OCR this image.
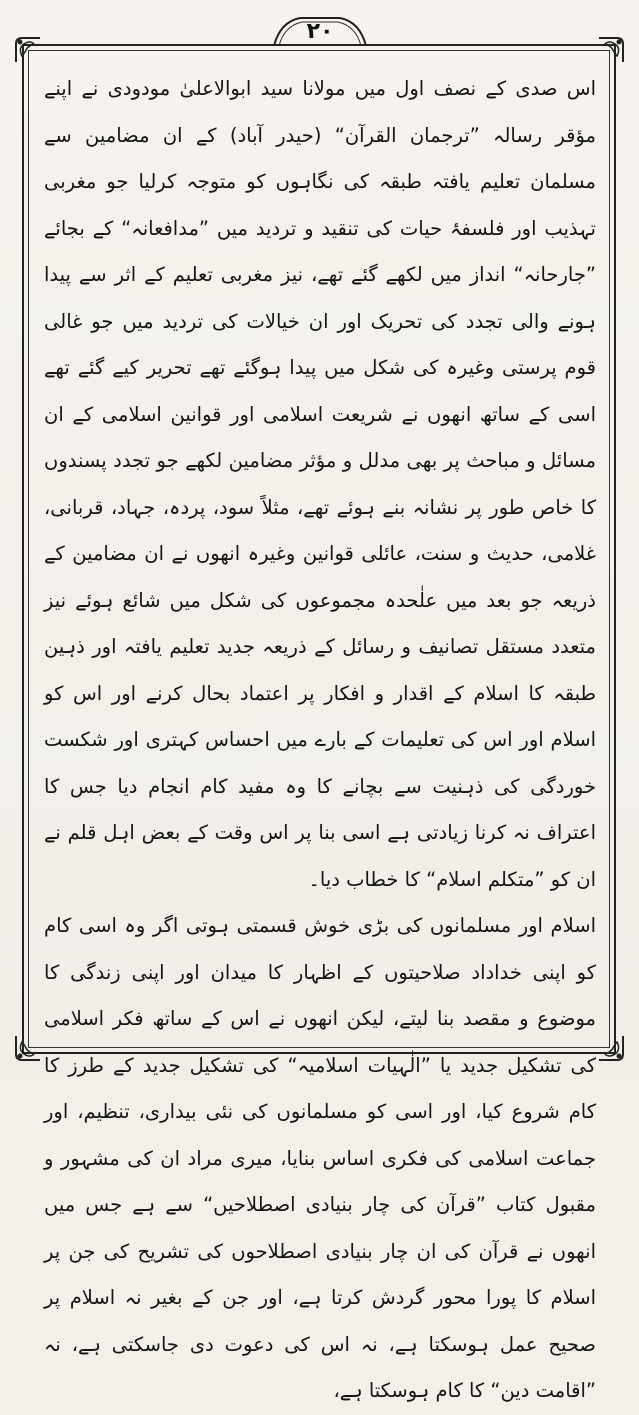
۲۰

اس صدی کے نصف اول میں مولانا سید ابوالاعلیٰ مودودی نے اپنے مؤقر رسالہ ”ترجمان القرآن“ (حیدر آباد) کے ان مضامین سے مسلمان تعلیم یافتہ طبقہ کی نگاہوں کو متوجہ کرلیا جو مغربی تہذیب اور فلسفۂ حیات کی تنقید و تردید میں ”مدافعانہ“ کے بجائے ”جارحانہ“ انداز میں لکھے گئے تھے، نیز مغربی تعلیم کے اثر سے پیدا ہونے والی تجدد کی تحریک اور ان خیالات کی تردید میں جو غالی قوم پرستی وغیرہ کی شکل میں پیدا ہوگئے تھے تحریر کیے گئے تھے اسی کے ساتھ انھوں نے شریعت اسلامی اور قوانین اسلامی کے ان مسائل و مباحث پر بھی مدلل و مؤثر مضامین لکھے جو تجدد پسندوں کا خاص طور پر نشانہ بنے ہوئے تھے، مثلاً سود، پردہ، جہاد، قربانی، غلامی، حدیث و سنت، عائلی قوانین وغیرہ انھوں نے ان مضامین کے ذریعہ جو بعد میں علٰحدہ مجموعوں کی شکل میں شائع ہوئے نیز متعدد مستقل تصانیف و رسائل کے ذریعہ جدید تعلیم یافتہ اور ذہین طبقہ کا اسلام کے اقدار و افکار پر اعتماد بحال کرنے اور اس کو اسلام اور اس کی تعلیمات کے بارے میں احساس کہتری اور شکست خوردگی کی ذہنیت سے بچانے کا وہ مفید کام انجام دیا جس کا اعتراف نہ کرنا زیادتی ہے اسی بنا پر اس وقت کے بعض اہل قلم نے ان کو ”متکلم اسلام“ کا خطاب دیا۔

اسلام اور مسلمانوں کی بڑی خوش قسمتی ہوتی اگر وہ اسی کام کو اپنی خداداد صلاحیتوں کے اظہار کا میدان اور اپنی زندگی کا موضوع و مقصد بنا لیتے، لیکن انھوں نے اس کے ساتھ فکر اسلامی کی تشکیل جدید یا ”الٰہیات اسلامیہ“ کی تشکیل جدید کے طرز کا کام شروع کیا، اور اسی کو مسلمانوں کی نئی بیداری، تنظیم، اور جماعت اسلامی کی فکری اساس بنایا، میری مراد ان کی مشہور و مقبول کتاب ”قرآن کی چار بنیادی اصطلاحیں“ سے ہے جس میں انھوں نے قرآن کی ان چار بنیادی اصطلاحوں کی تشریح کی جن پر اسلام کا پورا محور گردش کرتا ہے، اور جن کے بغیر نہ اسلام پر صحیح عمل ہوسکتا ہے، نہ اس کی دعوت دی جاسکتی ہے، نہ ”اقامت دین“ کا کام ہوسکتا ہے،
